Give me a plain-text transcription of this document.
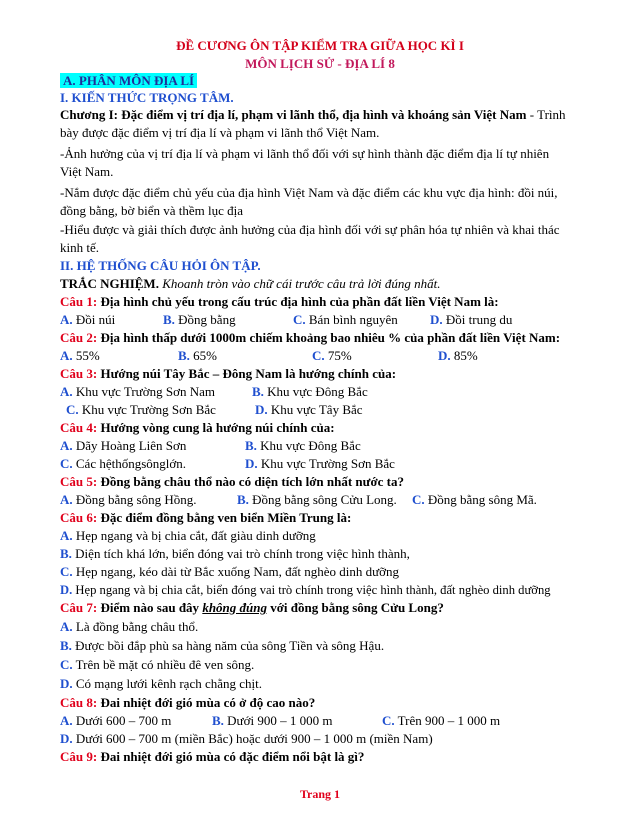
ĐỀ CƯƠNG ÔN TẬP KIỂM TRA GIỮA HỌC KÌ I
MÔN LỊCH SỬ - ĐỊA LÍ 8
A. PHÂN MÔN ĐỊA LÍ
I. KIẾN THỨC TRỌNG TÂM.
Chương I: Đặc điểm vị trí địa lí, phạm vi lãnh thổ, địa hình và khoáng sản Việt Nam - Trình
bày được đặc điểm vị trí địa lí và phạm vi lãnh thổ Việt Nam.
-Ảnh hưởng của vị trí địa lí và phạm vi lãnh thổ đối với sự hình thành đặc điểm địa lí tự nhiên
Việt Nam.
-Nắm được đặc điểm chủ yếu của địa hình Việt Nam và đặc điểm các khu vực địa hình: đồi núi,
đồng bằng, bờ biển và thềm lục địa
-Hiểu được và giải thích được ảnh hưởng của địa hình đối với sự phân hóa tự nhiên và khai thác
kinh tế.
II. HỆ THỐNG CÂU HỎI ÔN TẬP.
TRẮC NGHIỆM. Khoanh tròn vào chữ cái trước câu trả lời đúng nhất.
Câu 1: Địa hình chủ yếu trong cấu trúc địa hình của phần đất liền Việt Nam là:
A. Đồi núi	B. Đồng bằng	C. Bán bình nguyên D. Đồi trung du
Câu 2: Địa hình thấp dưới 1000m chiếm khoảng bao nhiêu % của phần đất liền Việt Nam:
A. 55%	B. 65%	C. 75%	D. 85%
Câu 3: Hướng núi Tây Bắc – Đông Nam là hướng chính của:
A. Khu vực Trường Sơn Nam	B. Khu vực Đông Bắc
C. Khu vực Trường Sơn Bắc	D. Khu vực Tây Bắc
Câu 4: Hướng vòng cung là hướng núi chính của:
A. Dãy Hoàng Liên Sơn	B. Khu vực Đông Bắc
C. Các hệthốngsônglớn.	D. Khu vực Trường Sơn Bắc
Câu 5: Đồng bằng châu thổ nào có diện tích lớn nhất nước ta?
A. Đồng bằng sông Hồng.	B. Đồng bằng sông Cửu Long. C. Đồng bằng sông Mã.
Câu 6: Đặc điểm đồng bằng ven biển Miền Trung là:
A. Hẹp ngang và bị chia cắt, đất giàu dinh dưỡng
B. Diện tích khá lớn, biển đóng vai trò chính trong việc hình thành,
C. Hẹp ngang, kéo dài từ Bắc xuống Nam, đất nghèo dinh dưỡng
D. Hẹp ngang và bị chia cắt, biển đóng vai trò chính trong việc hình thành, đất nghèo dinh dưỡng
Câu 7: Điểm nào sau đây không đúng với đồng bằng sông Cửu Long?
A. Là đồng bằng châu thổ.
B. Được bồi đắp phù sa hàng năm của sông Tiền và sông Hậu.
C. Trên bề mặt có nhiều đê ven sông.
D. Có mạng lưới kênh rạch chằng chịt.
Câu 8: Đai nhiệt đới gió mùa có ở độ cao nào?
A. Dưới 600 – 700 m	B. Dưới 900 – 1 000 m	C. Trên 900 – 1 000 m
D. Dưới 600 – 700 m (miền Bắc) hoặc dưới 900 – 1 000 m (miền Nam)
Câu 9: Đai nhiệt đới gió mùa có đặc điểm nổi bật là gì?
Trang 1
